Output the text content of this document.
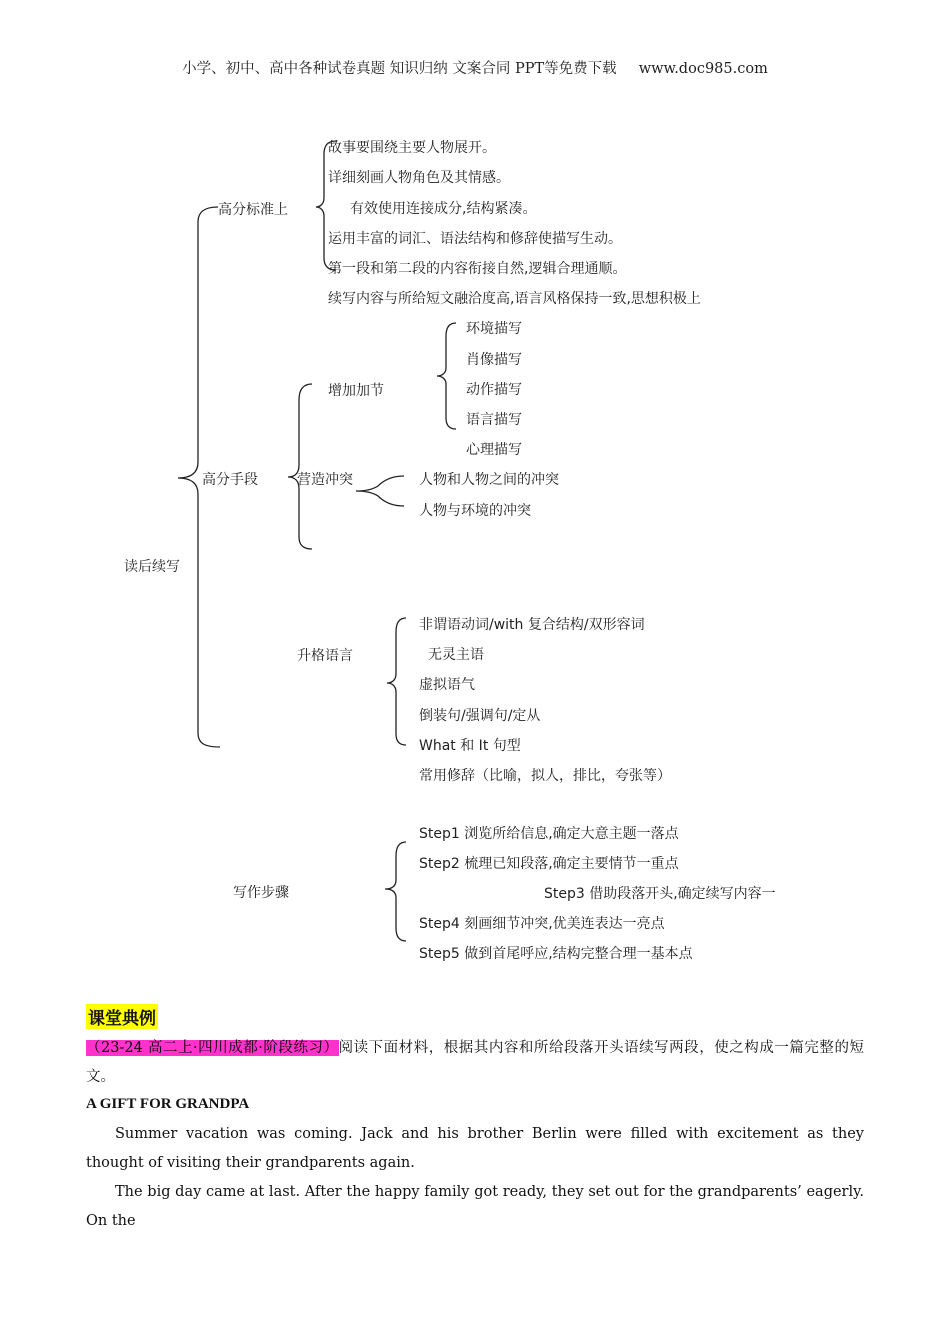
小学、初中、高中各种试卷真题 知识归纳 文案合同 PPT等免费下载 www.doc985.com
读后续写
高分标准上
故事要围绕主要人物展开。
详细刻画人物角色及其情感。
有效使用连接成分,结构紧凑。
运用丰富的词汇、语法结构和修辞使描写生动。
第一段和第二段的内容衔接自然,逻辑合理通顺。
续写内容与所给短文融洽度高,语言风格保持一致,思想积极上
高分手段
增加加节
环境描写
肖像描写
动作描写
语言描写
心理描写
营造冲突	人物和人物之间的冲突
人物与环境的冲突
升格语言
非谓语动词/with 复合结构/双形容词
无灵主语
虚拟语气
倒装句/强调句/定从
What 和 It 句型
常用修辞（比喻，拟人，排比，夸张等）
写作步骤
Step1 浏览所给信息,确定大意主题一落点
Step2 梳理已知段落,确定主要情节一重点
Step3 借助段落开头,确定续写内容一
Step4 刻画细节冲突,优美连表达一亮点
Step5 做到首尾呼应,结构完整合理一基本点
课堂典例
（23-24 高二上·四川成都·阶段练习）阅读下面材料，根据其内容和所给段落开头语续写两段，使之构成一篇完整的短文。
A GIFT FOR GRANDPA
Summer vacation was coming. Jack and his brother Berlin were filled with excitement as they thought of visiting their grandparents again.
The big day came at last. After the happy family got ready, they set out for the grandparents’ eagerly. On the
